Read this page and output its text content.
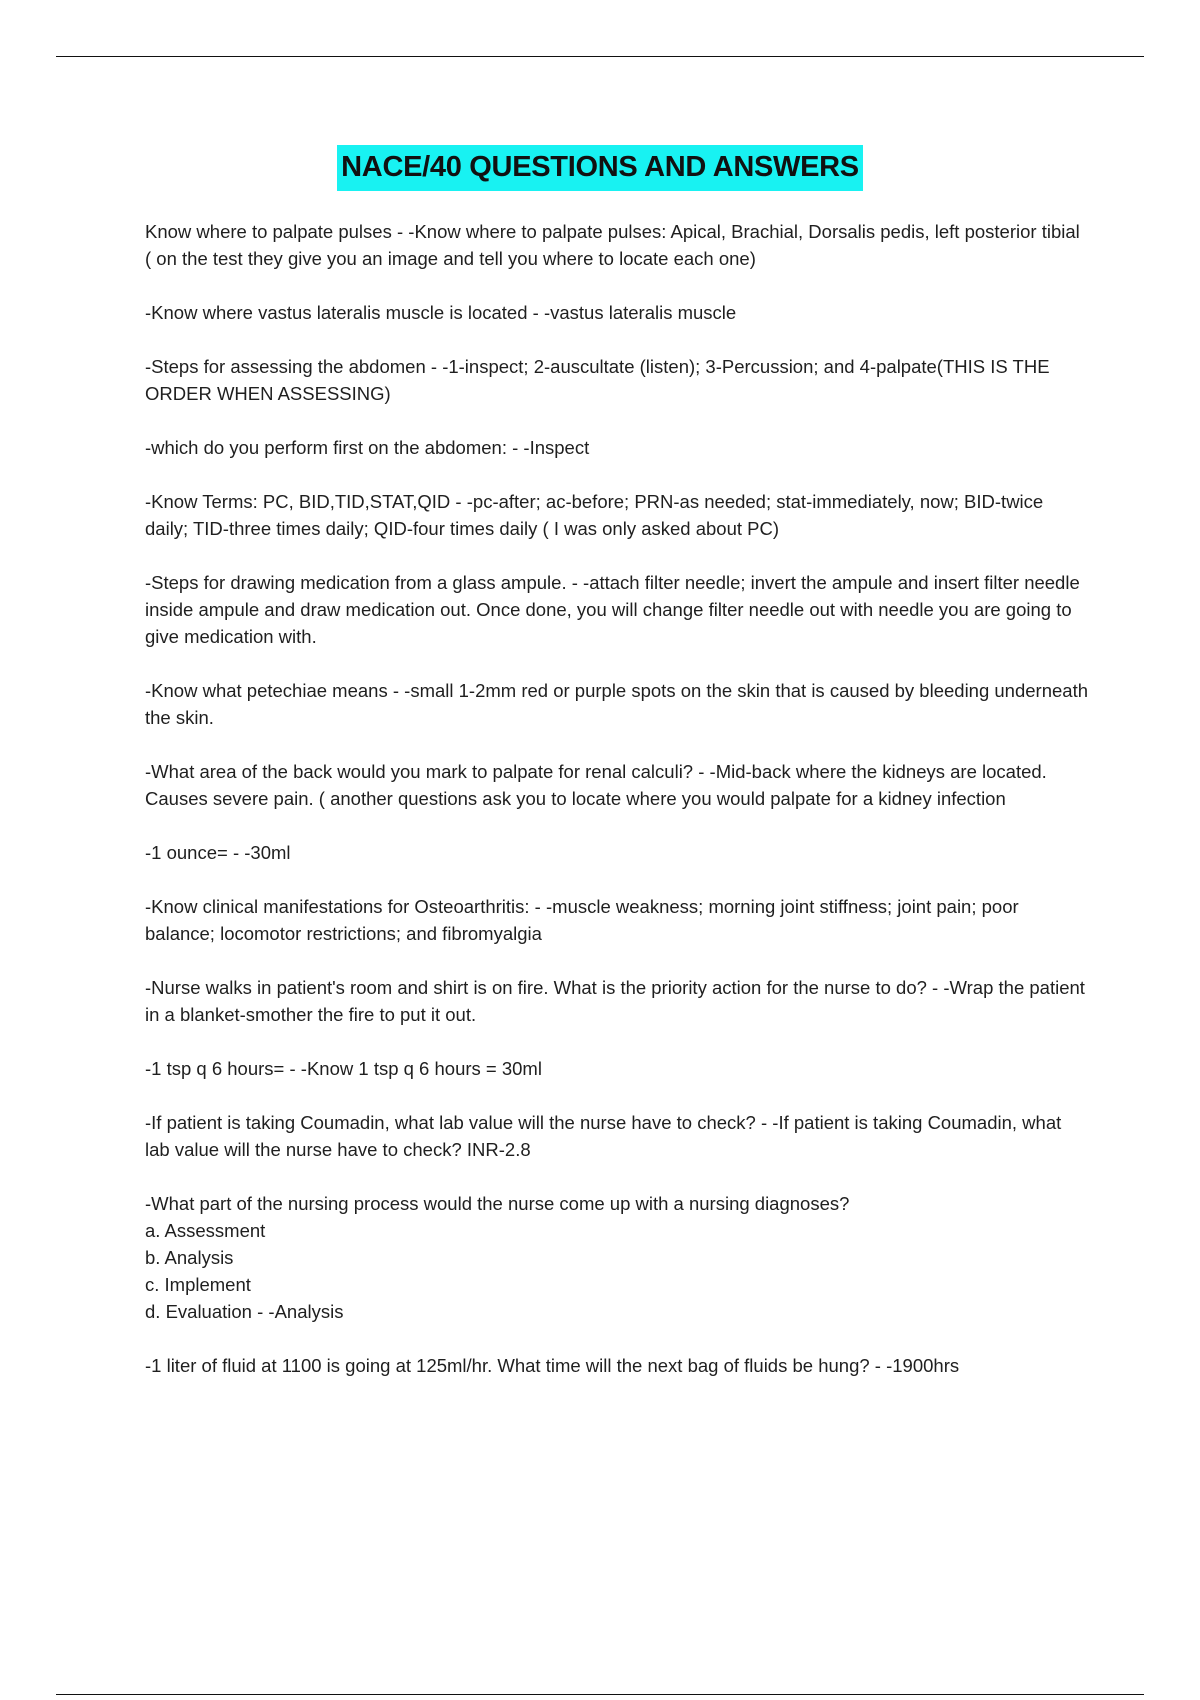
NACE/40 QUESTIONS AND ANSWERS
Know where to palpate pulses - -Know where to palpate pulses: Apical, Brachial, Dorsalis pedis, left posterior tibial ( on the test they give you an image and tell you where to locate each one)
-Know where vastus lateralis muscle is located - -vastus lateralis muscle
-Steps for assessing the abdomen - -1-inspect; 2-auscultate (listen); 3-Percussion; and 4-palpate(THIS IS THE ORDER WHEN ASSESSING)
-which do you perform first on the abdomen: - -Inspect
-Know Terms: PC, BID,TID,STAT,QID - -pc-after; ac-before; PRN-as needed; stat-immediately, now; BID-twice daily; TID-three times daily; QID-four times daily ( I was only asked about PC)
-Steps for drawing medication from a glass ampule. - -attach filter needle; invert the ampule and insert filter needle inside ampule and draw medication out. Once done, you will change filter needle out with needle you are going to give medication with.
-Know what petechiae means - -small 1-2mm red or purple spots on the skin that is caused by bleeding underneath the skin.
-What area of the back would you mark to palpate for renal calculi? - -Mid-back where the kidneys are located. Causes severe pain. ( another questions ask you to locate where you would palpate for a kidney infection
-1 ounce= - -30ml
-Know clinical manifestations for Osteoarthritis: - -muscle weakness; morning joint stiffness; joint pain; poor balance; locomotor restrictions; and fibromyalgia
-Nurse walks in patient's room and shirt is on fire. What is the priority action for the nurse to do? - -Wrap the patient in a blanket-smother the fire to put it out.
-1 tsp q 6 hours= - -Know 1 tsp q 6 hours = 30ml
-If patient is taking Coumadin, what lab value will the nurse have to check? - -If patient is taking Coumadin, what lab value will the nurse have to check? INR-2.8
-What part of the nursing process would the nurse come up with a nursing diagnoses?
a. Assessment
b. Analysis
c. Implement
d. Evaluation - -Analysis
-1 liter of fluid at 1100 is going at 125ml/hr. What time will the next bag of fluids be hung? - -1900hrs
